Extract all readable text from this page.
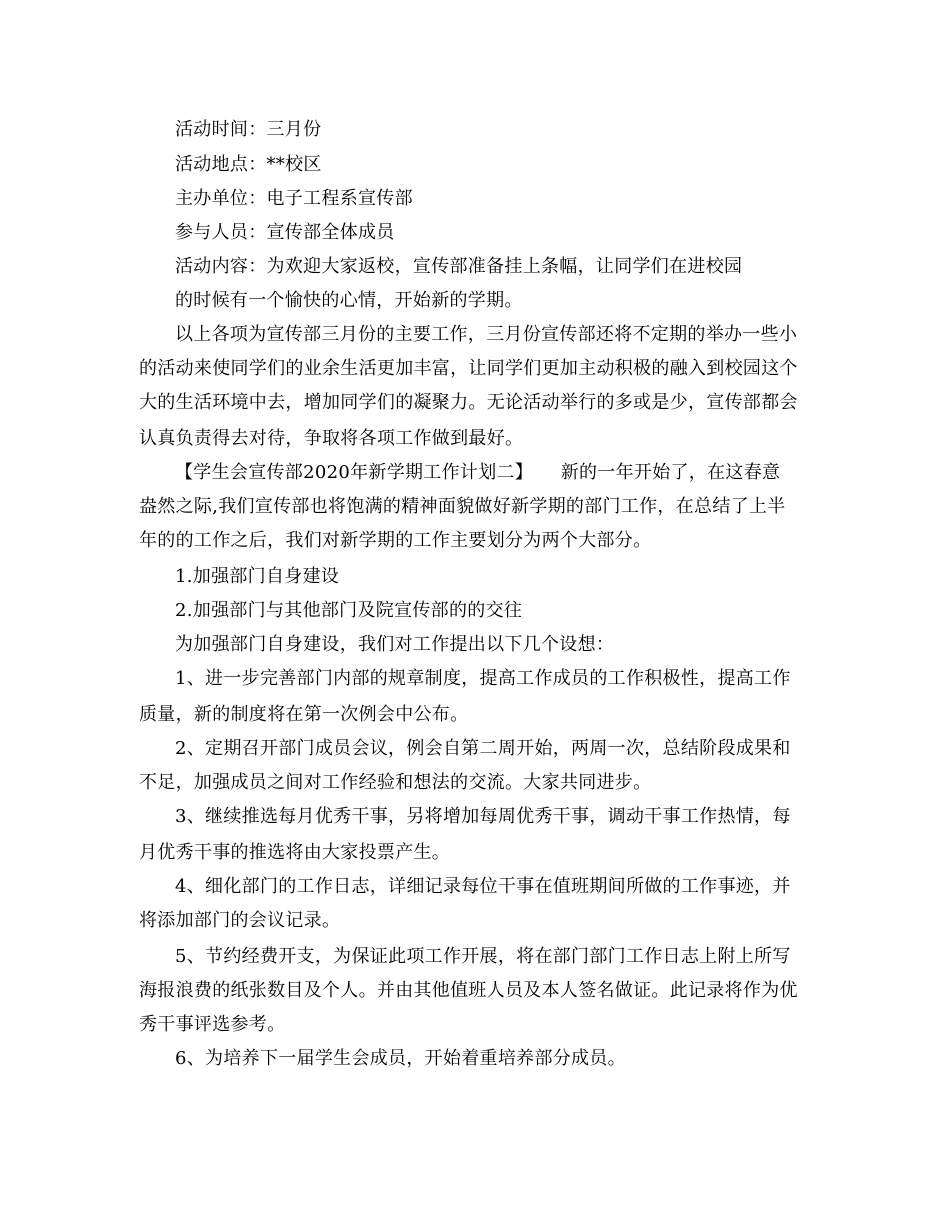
活动时间：三月份
活动地点：**校区
主办单位：电子工程系宣传部
参与人员：宣传部全体成员
活动内容：为欢迎大家返校，宣传部准备挂上条幅，让同学们在进校园
的时候有一个愉快的心情，开始新的学期。
以上各项为宣传部三月份的主要工作，三月份宣传部还将不定期的举办一些小
的活动来使同学们的业余生活更加丰富，让同学们更加主动积极的融入到校园这个
大的生活环境中去，增加同学们的凝聚力。无论活动举行的多或是少，宣传部都会
认真负责得去对待，争取将各项工作做到最好。
【学生会宣传部2020年新学期工作计划二】　　新的一年开始了，在这春意
盎然之际,我们宣传部也将饱满的精神面貌做好新学期的部门工作，在总结了上半
年的的工作之后，我们对新学期的工作主要划分为两个大部分。
1.加强部门自身建设
2.加强部门与其他部门及院宣传部的的交往
为加强部门自身建设，我们对工作提出以下几个设想：
1、进一步完善部门内部的规章制度，提高工作成员的工作积极性，提高工作
质量，新的制度将在第一次例会中公布。
2、定期召开部门成员会议，例会自第二周开始，两周一次，总结阶段成果和
不足，加强成员之间对工作经验和想法的交流。大家共同进步。
3、继续推选每月优秀干事，另将增加每周优秀干事，调动干事工作热情，每
月优秀干事的推选将由大家投票产生。
4、细化部门的工作日志，详细记录每位干事在值班期间所做的工作事迹，并
将添加部门的会议记录。
5、节约经费开支，为保证此项工作开展，将在部门部门工作日志上附上所写
海报浪费的纸张数目及个人。并由其他值班人员及本人签名做证。此记录将作为优
秀干事评选参考。
6、为培养下一届学生会成员，开始着重培养部分成员。
